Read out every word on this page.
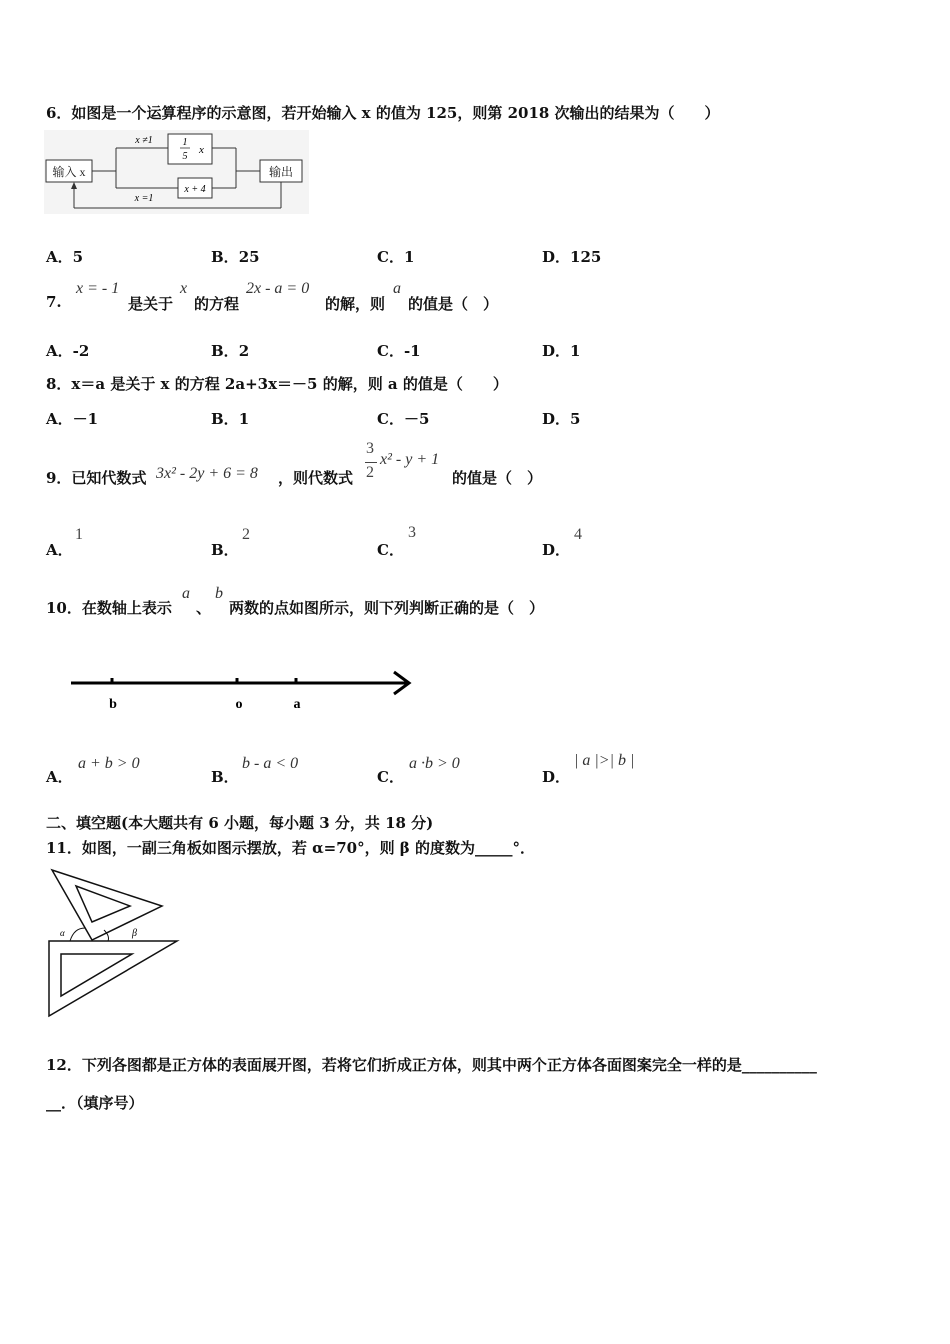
6．如图是一个运算程序的示意图，若开始输入 x 的值为 125，则第 2018 次输出的结果为（　　）
输入 x	输出
1
5
x
x ≠1
x =1
x + 4
A．5	B．25	C．1	D．125
7.
x = - 1
是关于
x
的方程
2x - a = 0
的解，则
a
的值是（　）
A．-2	B．2	C．-1	D．1
8．x＝a 是关于 x 的方程 2a+3x＝－5 的解，则 a 的值是（　　）
A．－1	B．1	C．－5	D．5
9．已知代数式 3x² - 2y + 6 = 8 ，则代数式
3
2
x² - y + 1
的值是（　）
A．
1
B．
2
C．
3
D．
4
10．在数轴上表示
a
、
b
两数的点如图所示，则下列判断正确的是（　）
b	o	a
A．
a + b > 0
B．
b - a < 0
C．
a ·b > 0
D．
| a |>| b |
二、填空题(本大题共有 6 小题，每小题 3 分，共 18 分)
11．如图，一副三角板如图示摆放，若 α=70°，则 β 的度数为_____°．
α	β
12．下列各图都是正方体的表面展开图，若将它们折成正方体，则其中两个正方体各面图案完全一样的是__________
__．（填序号）
